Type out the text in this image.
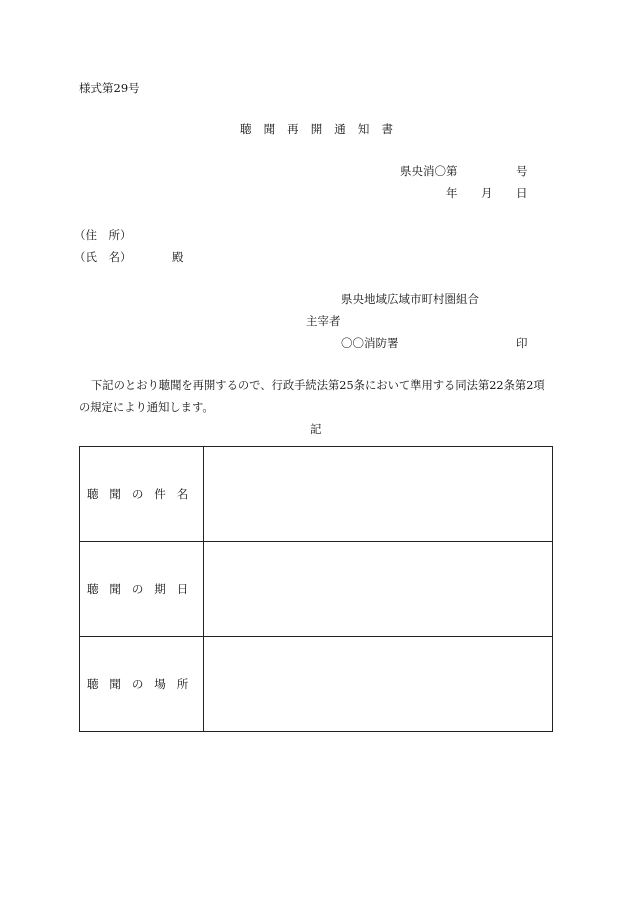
様式第29号
聴聞再開通知書
県央消〇第	号
年 月 日
（住　所）
（氏　名）	殿
県央地域広域市町村圏組合
主宰者
〇〇消防署	印
下記のとおり聴聞を再開するので、行政手続法第25条において準用する同法第22条第2項
の規定により通知します。
記
聴聞の件名	
聴聞の期日	
聴聞の場所	
